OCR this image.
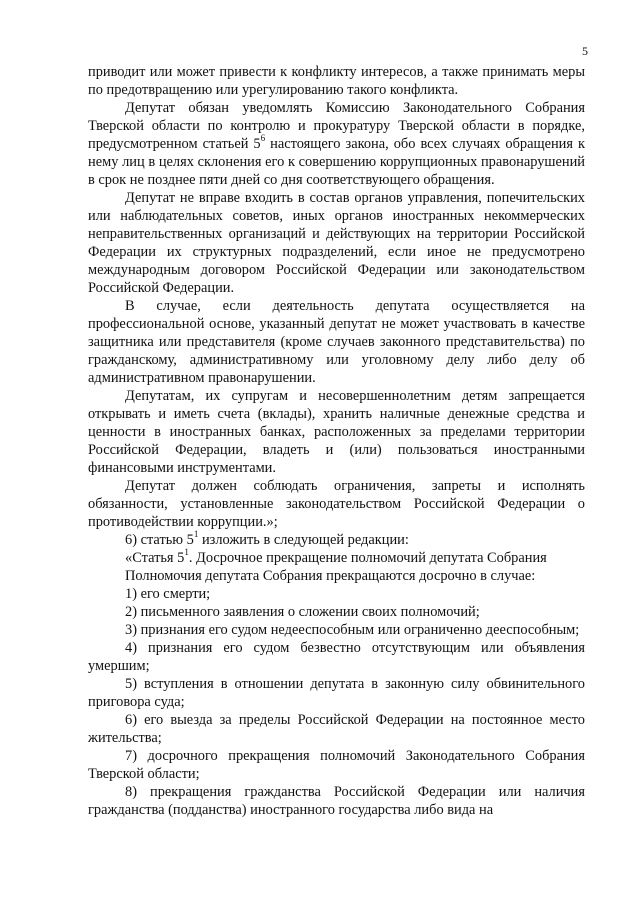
5

приводит или может привести к конфликту интересов, а также принимать меры по предотвращению или урегулированию такого конфликта.

Депутат обязан уведомлять Комиссию Законодательного Собрания Тверской области по контролю и прокуратуру Тверской области в порядке, предусмотренном статьей $5^6$ настоящего закона, обо всех случаях обращения к нему лиц в целях склонения его к совершению коррупционных правонарушений в срок не позднее пяти дней со дня соответствующего обращения.

Депутат не вправе входить в состав органов управления, попечительских или наблюдательных советов, иных органов иностранных некоммерческих неправительственных организаций и действующих на территории Российской Федерации их структурных подразделений, если иное не предусмотрено международным договором Российской Федерации или законодательством Российской Федерации.

В случае, если деятельность депутата осуществляется на профессиональной основе, указанный депутат не может участвовать в качестве защитника или представителя (кроме случаев законного представительства) по гражданскому, административному или уголовному делу либо делу об административном правонарушении.

Депутатам, их супругам и несовершеннолетним детям запрещается открывать и иметь счета (вклады), хранить наличные денежные средства и ценности в иностранных банках, расположенных за пределами территории Российской Федерации, владеть и (или) пользоваться иностранными финансовыми инструментами.

Депутат должен соблюдать ограничения, запреты и исполнять обязанности, установленные законодательством Российской Федерации о противодействии коррупции.»;

6) статью $5^1$ изложить в следующей редакции:

«Статья $5^1$. Досрочное прекращение полномочий депутата Собрания

Полномочия депутата Собрания прекращаются досрочно в случае:

1) его смерти;

2) письменного заявления о сложении своих полномочий;

3) признания его судом недееспособным или ограниченно дееспособным;

4) признания его судом безвестно отсутствующим или объявления умершим;

5) вступления в отношении депутата в законную силу обвинительного приговора суда;

6) его выезда за пределы Российской Федерации на постоянное место жительства;

7) досрочного прекращения полномочий Законодательного Собрания Тверской области;

8) прекращения гражданства Российской Федерации или наличия гражданства (подданства) иностранного государства либо вида на
